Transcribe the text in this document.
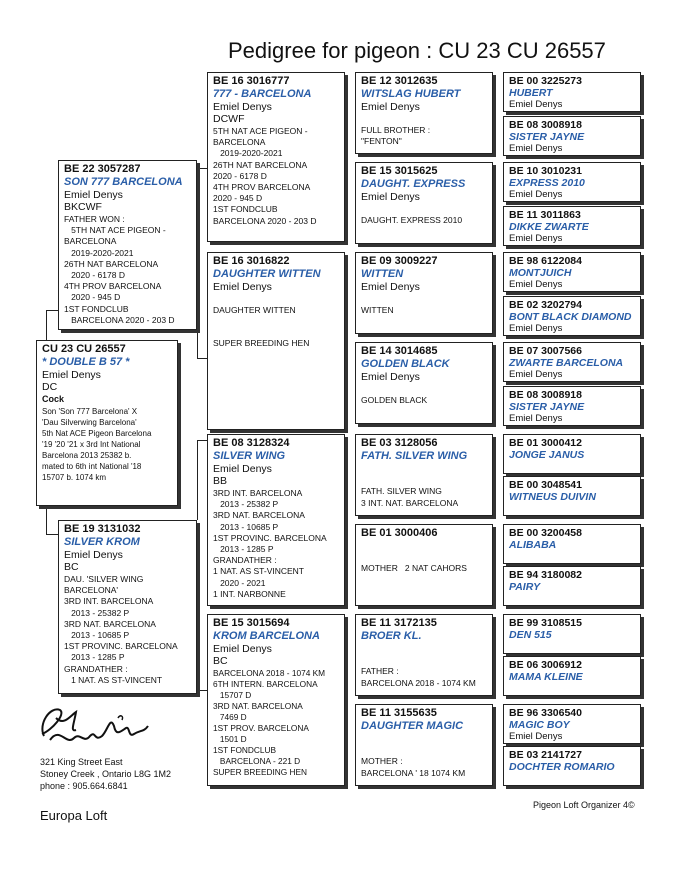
Pedigree for pigeon : CU 23 CU 26557
CU 23 CU 26557
* DOUBLE B 57 *
Emiel Denys
DC
Cock
Son 'Son 777 Barcelona' X
'Dau Silverwing Barcelona'
5th Nat ACE Pigeon Barcelona
'19 '20 '21 x 3rd Int National
Barcelona 2013 25382 b.
mated to 6th int National '18
15707 b. 1074 km
BE 22 3057287
SON 777 BARCELONA
Emiel Denys
BKCWF
FATHER WON :
5TH NAT ACE PIGEON -
BARCELONA
2019-2020-2021
26TH NAT BARCELONA
2020 - 6178 D
4TH PROV BARCELONA
2020 - 945 D
1ST FONDCLUB
BARCELONA 2020 - 203 D
BE 19 3131032
SILVER KROM
Emiel Denys
BC
DAU. 'SILVER WING
BARCELONA'
3RD INT. BARCELONA
2013 - 25382 P
3RD NAT. BARCELONA
2013 - 10685 P
1ST PROVINC. BARCELONA
2013 - 1285 P
GRANDATHER :
1 NAT. AS ST-VINCENT
BE 16 3016777
777 - BARCELONA
Emiel Denys
DCWF
5TH NAT ACE PIGEON -
BARCELONA
2019-2020-2021
26TH NAT BARCELONA
2020 - 6178 D
4TH PROV BARCELONA
2020 - 945 D
1ST FONDCLUB
BARCELONA 2020 - 203 D
BE 16 3016822
DAUGHTER WITTEN
Emiel Denys

DAUGHTER WITTEN

SUPER BREEDING HEN
BE 08 3128324
SILVER WING
Emiel Denys
BB
3RD INT. BARCELONA
2013 - 25382 P
3RD NAT. BARCELONA
2013 - 10685 P
1ST PROVINC. BARCELONA
2013 - 1285 P
GRANDATHER :
1 NAT. AS ST-VINCENT
2020 - 2021
1 INT. NARBONNE
BE 15 3015694
KROM BARCELONA
Emiel Denys
BC
BARCELONA 2018 - 1074 KM
6TH INTERN. BARCELONA
15707 D
3RD NAT. BARCELONA
7469 D
1ST PROV. BARCELONA
1501 D
1ST FONDCLUB
BARCELONA - 221 D
SUPER BREEDING HEN
BE 12 3012635
WITSLAG HUBERT
Emiel Denys

FULL BROTHER :
"FENTON"
BE 15 3015625
DAUGHT. EXPRESS
Emiel Denys

DAUGHT. EXPRESS 2010
BE 09 3009227
WITTEN
Emiel Denys

WITTEN
BE 14 3014685
GOLDEN BLACK
Emiel Denys

GOLDEN BLACK
BE 03 3128056
FATH. SILVER WING

FATH. SILVER WING
3 INT. NAT. BARCELONA
BE 01 3000406

MOTHER   2 NAT CAHORS
BE 11 3172135
BROER KL.

FATHER :
BARCELONA 2018 - 1074 KM
BE 11 3155635
DAUGHTER MAGIC

MOTHER :
BARCELONA ' 18 1074 KM
BE 00 3225273
HUBERT
Emiel Denys
BE 08 3008918
SISTER JAYNE
Emiel Denys
BE 10 3010231
EXPRESS 2010
Emiel Denys
BE 11 3011863
DIKKE ZWARTE
Emiel Denys
BE 98 6122084
MONTJUICH
Emiel Denys
BE 02 3202794
BONT BLACK DIAMOND
Emiel Denys
BE 07 3007566
ZWARTE BARCELONA
Emiel Denys
BE 08 3008918
SISTER JAYNE
Emiel Denys
BE 01 3000412
JONGE JANUS
BE 00 3048541
WITNEUS DUIVIN
BE 00 3200458
ALIBABA
BE 94 3180082
PAIRY
BE 99 3108515
DEN 515
BE 06 3006912
MAMA KLEINE
BE 96 3306540
MAGIC BOY
Emiel Denys
BE 03 2141727
DOCHTER ROMARIO
321 King Street East
Stoney Creek , Ontario L8G 1M2
phone : 905.664.6841
Europa Loft
Pigeon Loft Organizer 4©
